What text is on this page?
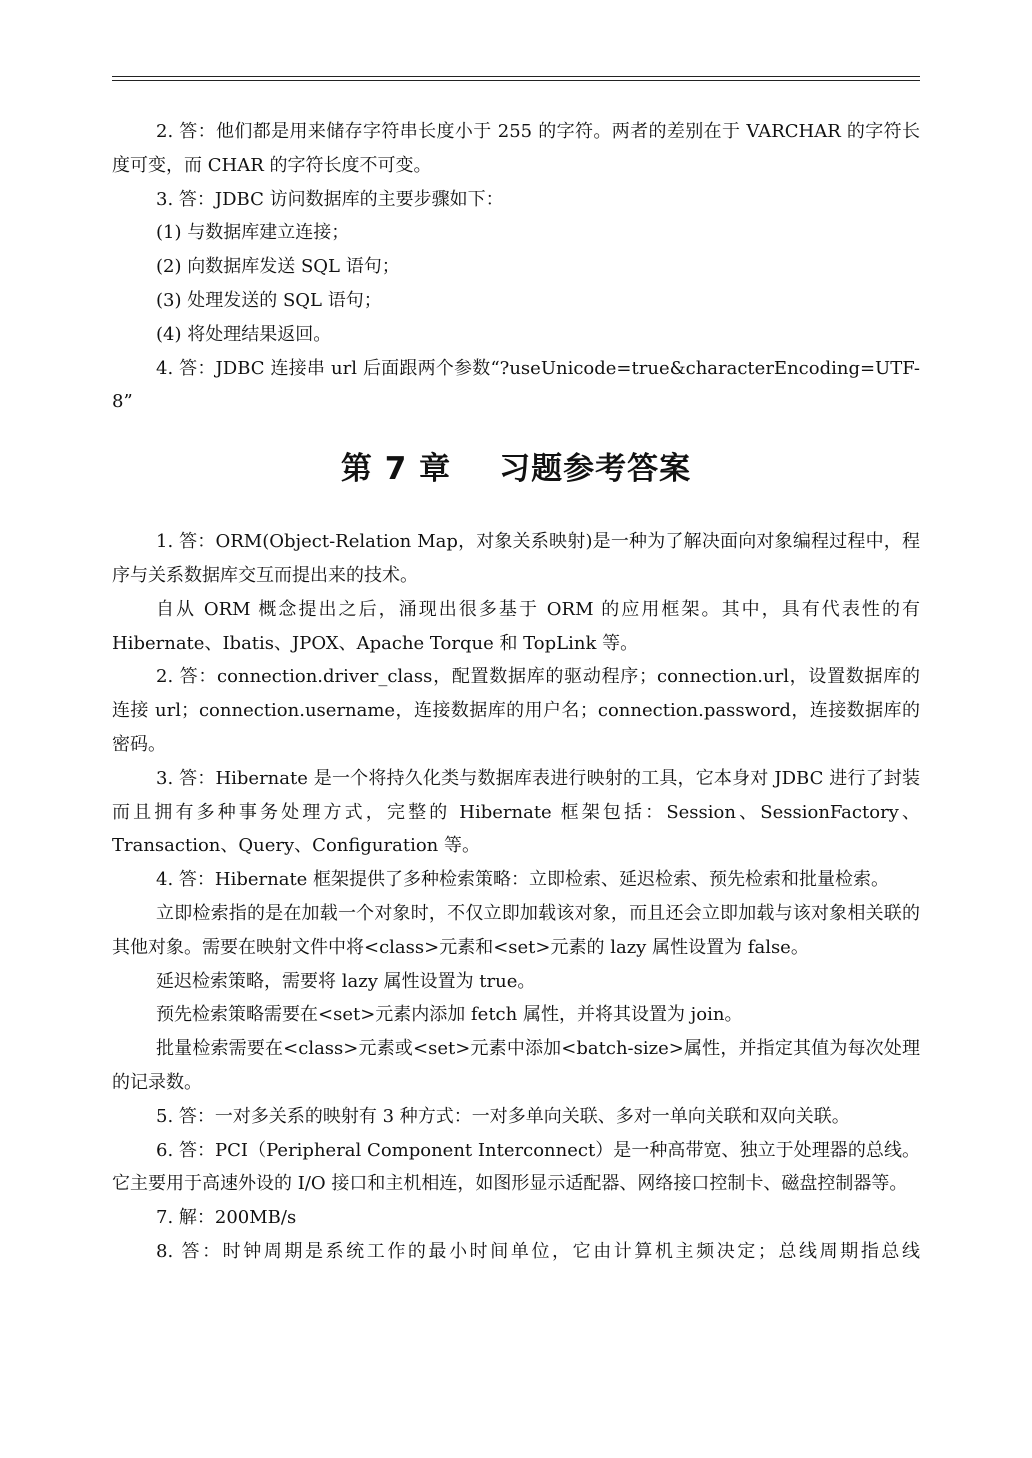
2. 答：他们都是用来储存字符串长度小于 255 的字符。两者的差别在于 VARCHAR 的字符长度可变，而 CHAR 的字符长度不可变。

3. 答：JDBC 访问数据库的主要步骤如下：

(1) 与数据库建立连接；

(2) 向数据库发送 SQL 语句；

(3) 处理发送的 SQL 语句；

(4) 将处理结果返回。

4. 答：JDBC 连接串 url 后面跟两个参数“?useUnicode=true&characterEncoding=UTF-8”

第 7 章 习题参考答案

1. 答：ORM(Object-Relation Map，对象关系映射)是一种为了解决面向对象编程过程中，程序与关系数据库交互而提出来的技术。

自从 ORM 概念提出之后，涌现出很多基于 ORM 的应用框架。其中，具有代表性的有 Hibernate、Ibatis、JPOX、Apache Torque 和 TopLink 等。

2. 答：connection.driver_class，配置数据库的驱动程序；connection.url，设置数据库的连接 url；connection.username，连接数据库的用户名；connection.password，连接数据库的密码。

3. 答：Hibernate 是一个将持久化类与数据库表进行映射的工具，它本身对 JDBC 进行了封装而且拥有多种事务处理方式，完整的 Hibernate 框架包括：Session、SessionFactory、Transaction、Query、Configuration 等。

4. 答：Hibernate 框架提供了多种检索策略：立即检索、延迟检索、预先检索和批量检索。

立即检索指的是在加载一个对象时，不仅立即加载该对象，而且还会立即加载与该对象相关联的其他对象。需要在映射文件中将<class>元素和<set>元素的 lazy 属性设置为 false。

延迟检索策略，需要将 lazy 属性设置为 true。

预先检索策略需要在<set>元素内添加 fetch 属性，并将其设置为 join。

批量检索需要在<class>元素或<set>元素中添加<batch-size>属性，并指定其值为每次处理的记录数。

5. 答：一对多关系的映射有 3 种方式：一对多单向关联、多对一单向关联和双向关联。

6. 答：PCI（Peripheral Component Interconnect）是一种高带宽、独立于处理器的总线。它主要用于高速外设的 I/O 接口和主机相连，如图形显示适配器、网络接口控制卡、磁盘控制器等。

7. 解：200MB/s

8. 答：时钟周期是系统工作的最小时间单位，它由计算机主频决定；总线周期指总线
